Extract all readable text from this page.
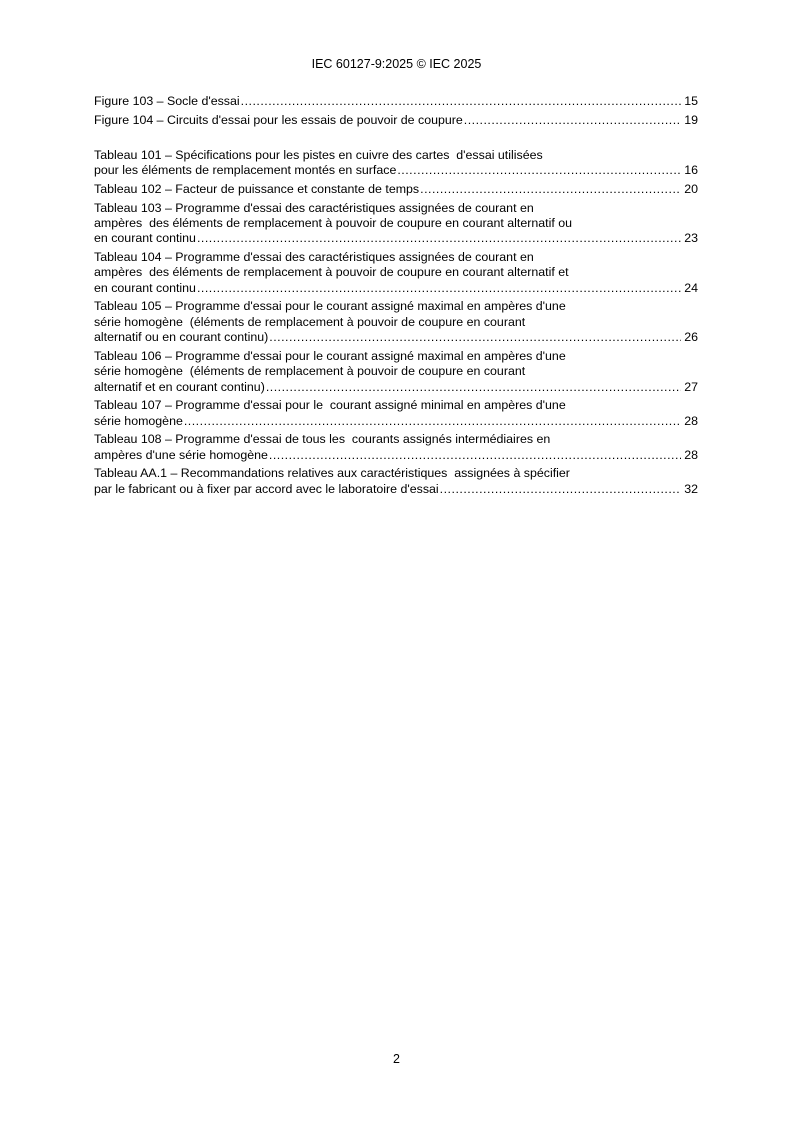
IEC 60127-9:2025 © IEC 2025
Figure 103 – Socle d'essai .....	15
Figure 104 – Circuits d'essai pour les essais de pouvoir de coupure .....	19
Tableau 101 – Spécifications pour les pistes en cuivre des cartes  d'essai utilisées
pour les éléments de remplacement montés en surface .....	16
Tableau 102 – Facteur de puissance et constante de temps .....	20
Tableau 103 – Programme d'essai des caractéristiques assignées de courant en
ampères  des éléments de remplacement à pouvoir de coupure en courant alternatif ou
en courant continu .....	23
Tableau 104 – Programme d'essai des caractéristiques assignées de courant en
ampères  des éléments de remplacement à pouvoir de coupure en courant alternatif et
en courant continu .....	24
Tableau 105 – Programme d'essai pour le courant assigné maximal en ampères d'une
série homogène  (éléments de remplacement à pouvoir de coupure en courant
alternatif ou en courant continu) .....	26
Tableau 106 – Programme d'essai pour le courant assigné maximal en ampères d'une
série homogène  (éléments de remplacement à pouvoir de coupure en courant
alternatif et en courant continu) .....	27
Tableau 107 – Programme d'essai pour le  courant assigné minimal en ampères d'une
série homogène .....	28
Tableau 108 – Programme d'essai de tous les  courants assignés intermédiaires en
ampères d'une série homogène .....	28
Tableau AA.1 – Recommandations relatives aux caractéristiques  assignées à spécifier
par le fabricant ou à fixer par accord avec le laboratoire d'essai .....	32
2
